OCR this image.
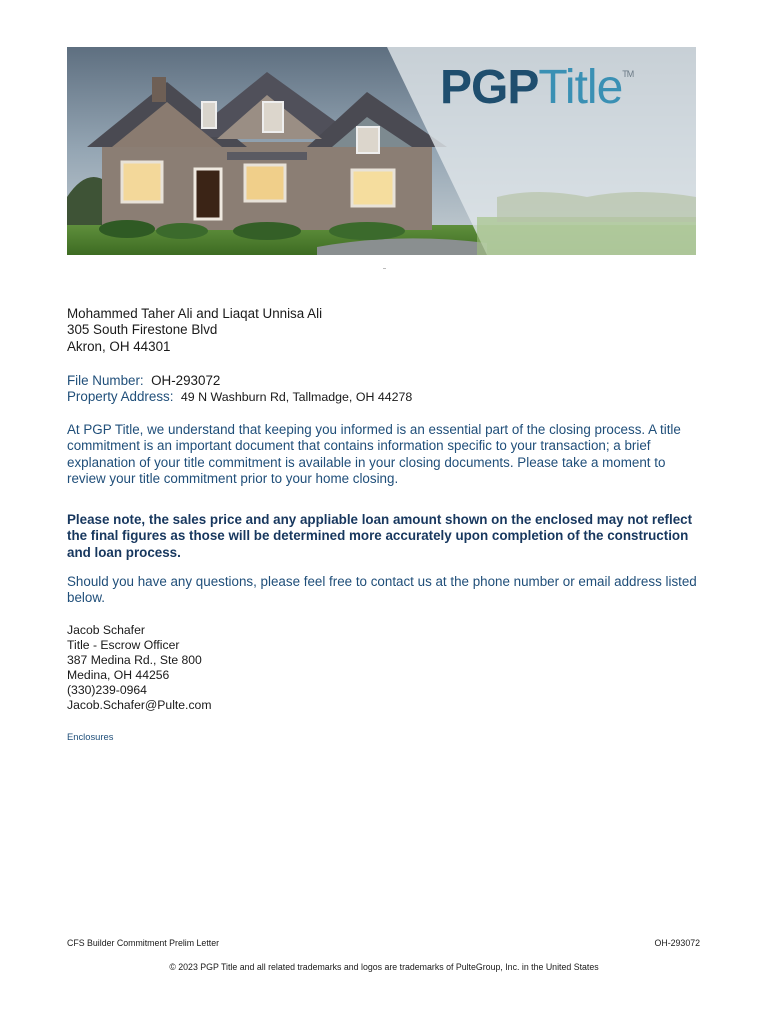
PGPTitle™
Mohammed Taher Ali and Liaqat Unnisa Ali
305 South Firestone Blvd
Akron, OH 44301
File Number: OH-293072
Property Address: 49 N Washburn Rd, Tallmadge, OH 44278
At PGP Title, we understand that keeping you informed is an essential part of the closing process. A title commitment is an important document that contains information specific to your transaction; a brief explanation of your title commitment is available in your closing documents. Please take a moment to review your title commitment prior to your home closing.
Please note, the sales price and any appliable loan amount shown on the enclosed may not reflect the final figures as those will be determined more accurately upon completion of the construction and loan process.
Should you have any questions, please feel free to contact us at the phone number or email address listed below.
Jacob Schafer
Title - Escrow Officer
387 Medina Rd., Ste 800
Medina, OH 44256
(330)239-0964
Jacob.Schafer@Pulte.com
Enclosures
CFS Builder Commitment Prelim Letter	OH-293072
© 2023 PGP Title and all related trademarks and logos are trademarks of PulteGroup, Inc. in the United States
